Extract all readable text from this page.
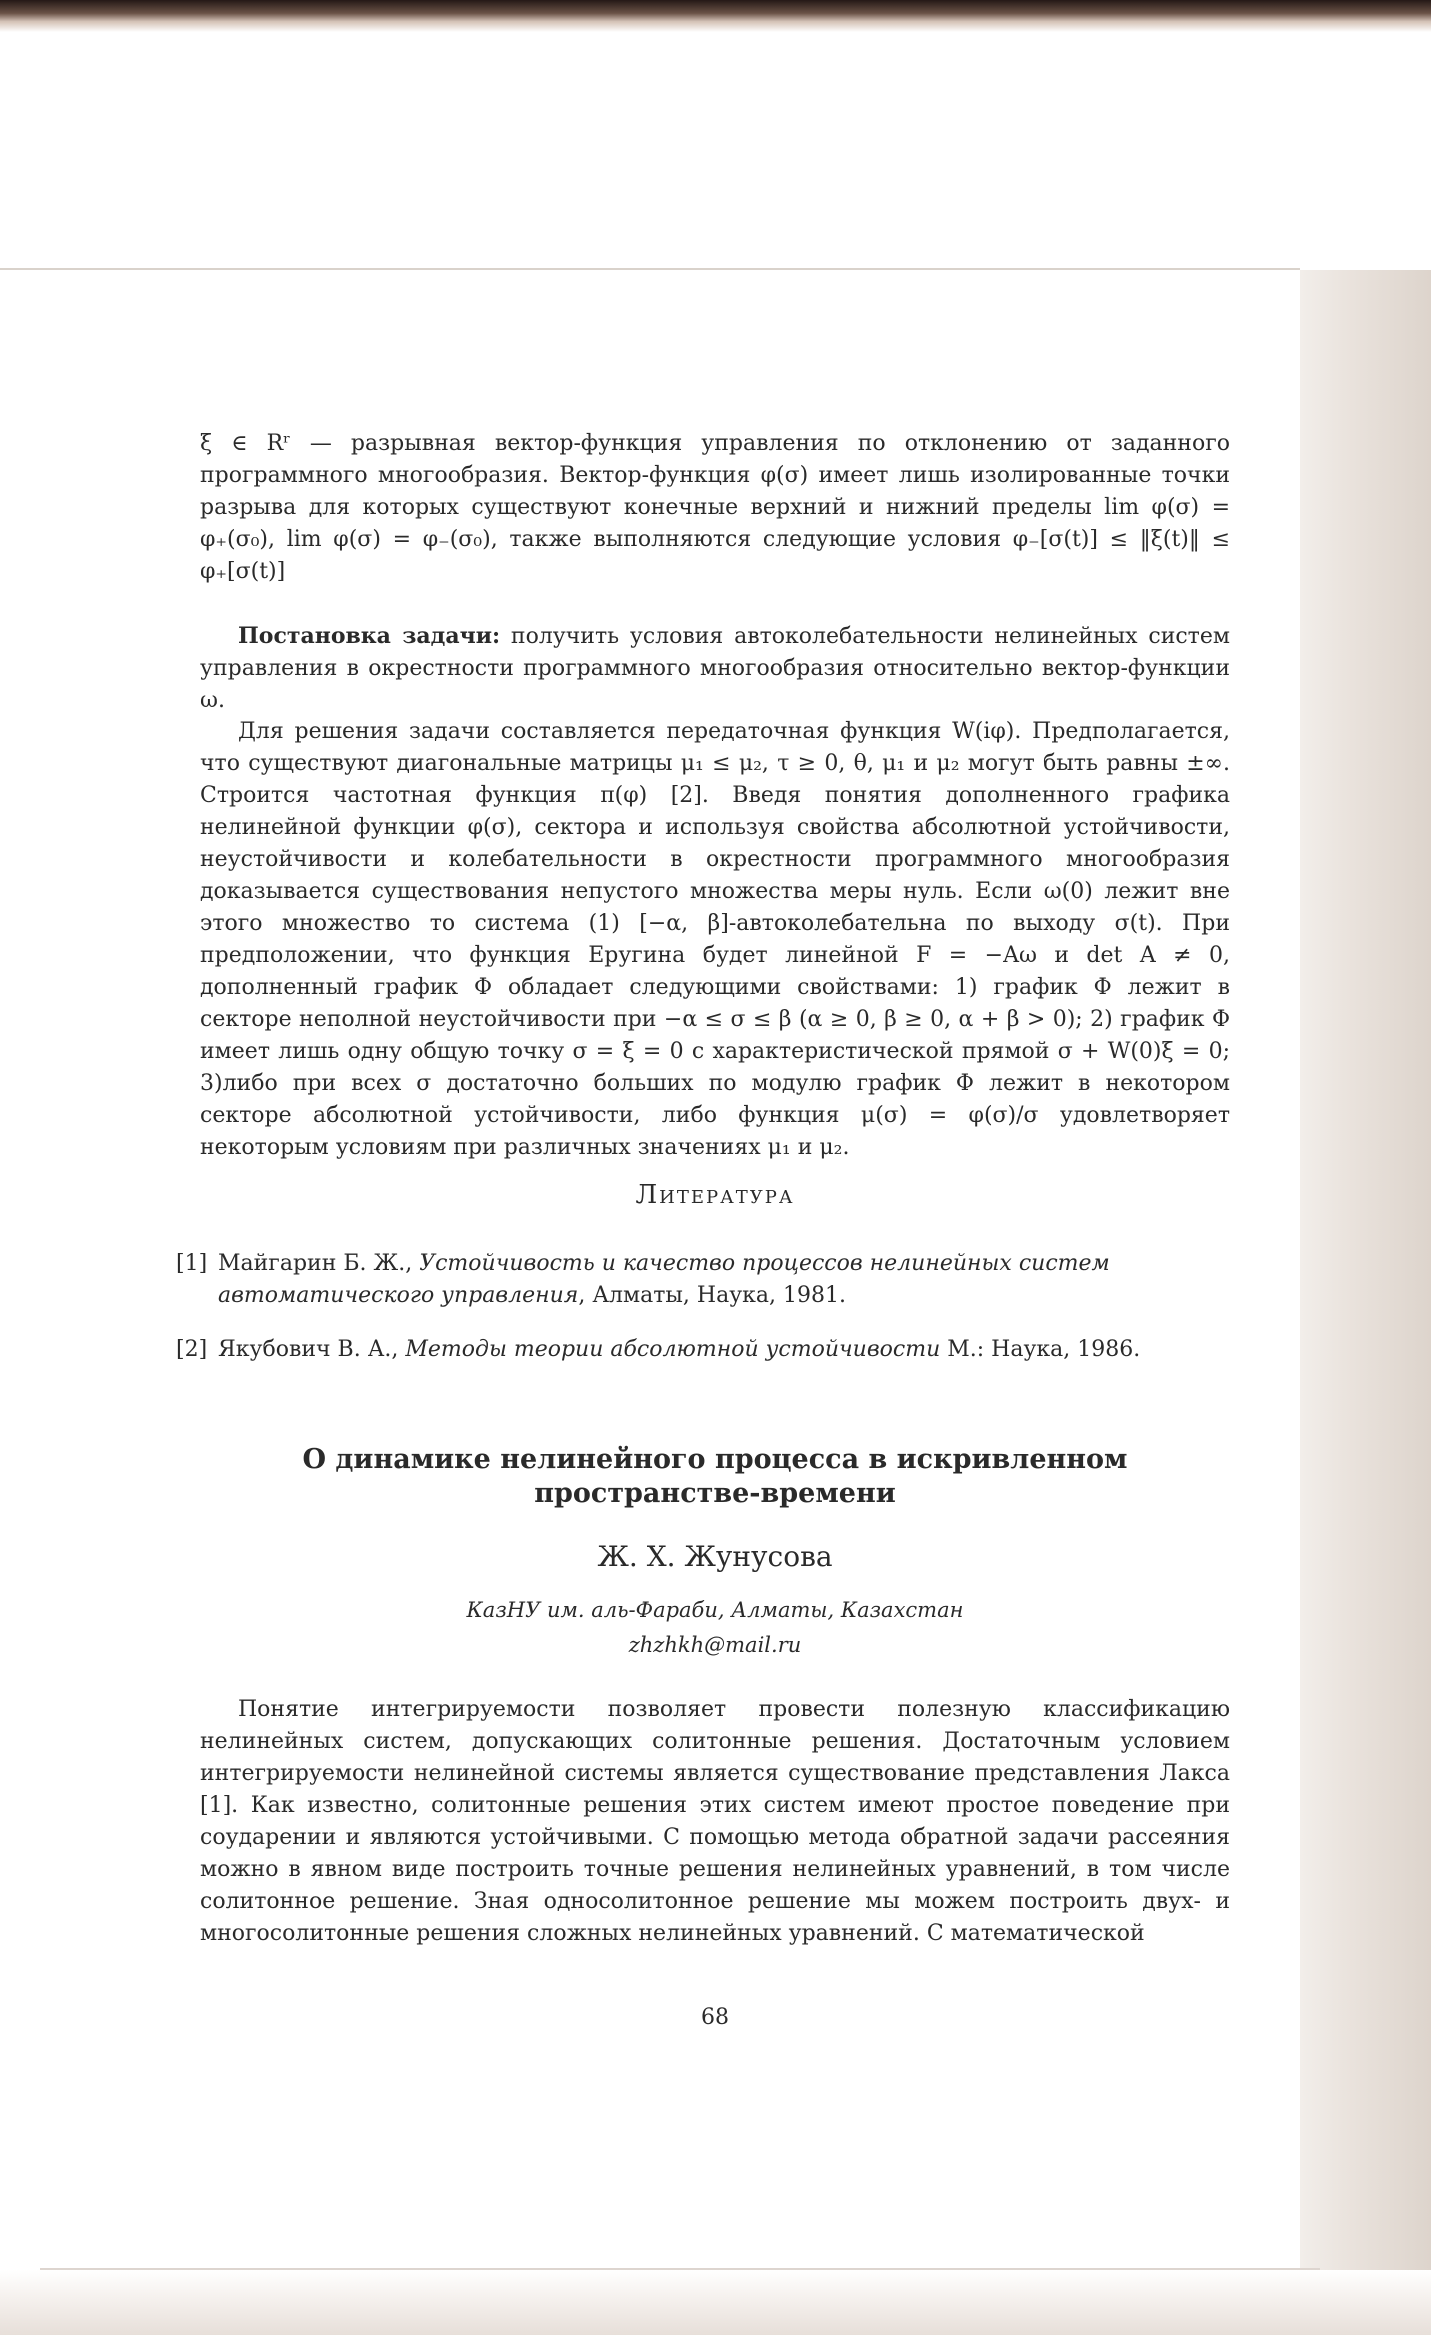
ξ ∈ Rʳ — разрывная вектор-функция управления по отклонению от заданного программного многообразия. Вектор-функция φ(σ) имеет лишь изолированные точки разрыва для которых существуют конечные верхний и нижний пределы lim φ(σ) = φ₊(σ₀), lim φ(σ) = φ₋(σ₀), также выполняются следующие условия φ₋[σ(t)] ≤ ‖ξ(t)‖ ≤ φ₊[σ(t)]

Постановка задачи: получить условия автоколебательности нелинейных систем управления в окрестности программного многообразия относительно вектор-функции ω.

Для решения задачи составляется передаточная функция W(iφ). Предполагается, что существуют диагональные матрицы μ₁ ≤ μ₂, τ ≥ 0, θ, μ₁ и μ₂ могут быть равны ±∞. Строится частотная функция π(φ) [2]. Введя понятия дополненного графика нелинейной функции φ(σ), сектора и используя свойства абсолютной устойчивости, неустойчивости и колебательности в окрестности программного многообразия доказывается существования непустого множества меры нуль. Если ω(0) лежит вне этого множество то система (1) [−α, β]-автоколебательна по выходу σ(t). При предположении, что функция Еругина будет линейной F = −Aω и det A ≠ 0, дополненный график Φ обладает следующими свойствами: 1) график Φ лежит в секторе неполной неустойчивости при −α ≤ σ ≤ β (α ≥ 0, β ≥ 0, α + β > 0); 2) график Φ имеет лишь одну общую точку σ = ξ = 0 с характеристической прямой σ + W(0)ξ = 0; 3)либо при всех σ достаточно больших по модулю график Φ лежит в некотором секторе абсолютной устойчивости, либо функция μ(σ) = φ(σ)/σ удовлетворяет некоторым условиям при различных значениях μ₁ и μ₂.

Литература

[1] Майгарин Б. Ж., Устойчивость и качество процессов нелинейных систем автоматического управления, Алматы, Наука, 1981.
[2] Якубович В. А., Методы теории абсолютной устойчивости М.: Наука, 1986.

О динамике нелинейного процесса в искривленном

пространстве-времени

Ж. Х. Жунусова

КазНУ им. аль-Фараби, Алматы, Казахстан

zhzhkh@mail.ru

Понятие интегрируемости позволяет провести полезную классификацию нелинейных систем, допускающих солитонные решения. Достаточным условием интегрируемости нелинейной системы является существование представления Лакса [1]. Как известно, солитонные решения этих систем имеют простое поведение при соударении и являются устойчивыми. С помощью метода обратной задачи рассеяния можно в явном виде построить точные решения нелинейных уравнений, в том числе солитонное решение. Зная односолитонное решение мы можем построить двух- и многосолитонные решения сложных нелинейных уравнений. С математической

68
